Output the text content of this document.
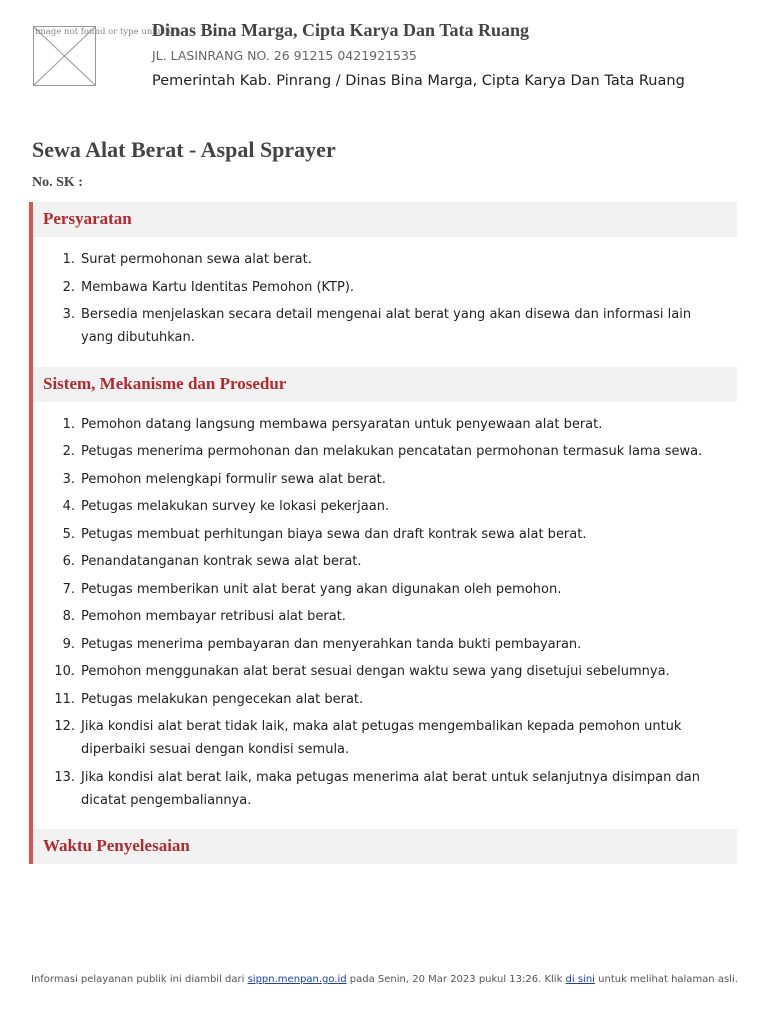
image not found or type unknown
Dinas Bina Marga, Cipta Karya Dan Tata Ruang
JL. LASINRANG NO. 26 91215 0421921535
Pemerintah Kab. Pinrang / Dinas Bina Marga, Cipta Karya Dan Tata Ruang
Sewa Alat Berat - Aspal Sprayer
No. SK :
Persyaratan
1. Surat permohonan sewa alat berat.
2. Membawa Kartu Identitas Pemohon (KTP).
3. Bersedia menjelaskan secara detail mengenai alat berat yang akan disewa dan informasi lain yang dibutuhkan.
Sistem, Mekanisme dan Prosedur
1. Pemohon datang langsung membawa persyaratan untuk penyewaan alat berat.
2. Petugas menerima permohonan dan melakukan pencatatan permohonan termasuk lama sewa.
3. Pemohon melengkapi formulir sewa alat berat.
4. Petugas melakukan survey ke lokasi pekerjaan.
5. Petugas membuat perhitungan biaya sewa dan draft kontrak sewa alat berat.
6. Penandatanganan kontrak sewa alat berat.
7. Petugas memberikan unit alat berat yang akan digunakan oleh pemohon.
8. Pemohon membayar retribusi alat berat.
9. Petugas menerima pembayaran dan menyerahkan tanda bukti pembayaran.
10. Pemohon menggunakan alat berat sesuai dengan waktu sewa yang disetujui sebelumnya.
11. Petugas melakukan pengecekan alat berat.
12. Jika kondisi alat berat tidak laik, maka alat petugas mengembalikan kepada pemohon untuk diperbaiki sesuai dengan kondisi semula.
13. Jika kondisi alat berat laik, maka petugas menerima alat berat untuk selanjutnya disimpan dan dicatat pengembaliannya.
Waktu Penyelesaian
Informasi pelayanan publik ini diambil dari sippn.menpan.go.id pada Senin, 20 Mar 2023 pukul 13:26. Klik di sini untuk melihat halaman asli.
